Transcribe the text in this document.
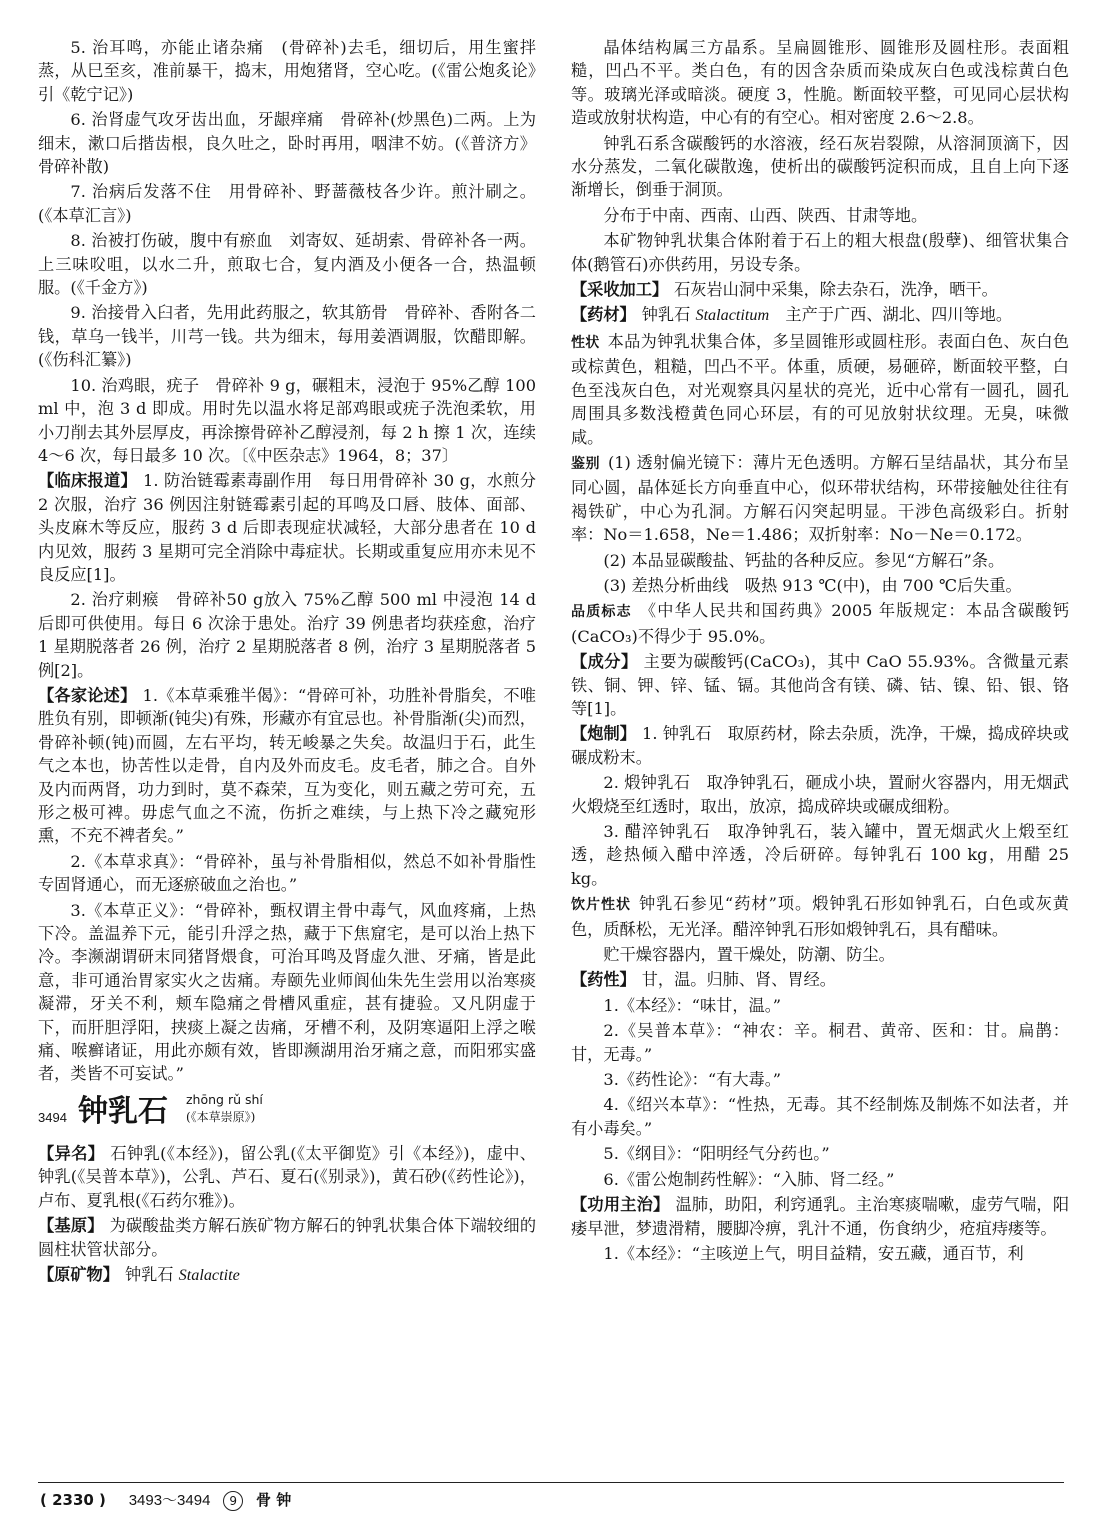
5. 治耳鸣，亦能止诸杂痛　(骨碎补)去毛，细切后，用生蜜拌蒸，从巳至亥，准前暴干，捣末，用炮猪肾，空心吃。(《雷公炮炙论》引《乾宁记》)
6. 治肾虚气攻牙齿出血，牙龈痒痛　骨碎补(炒黑色)二两。上为细末，漱口后揩齿根，良久吐之，卧时再用，咽津不妨。(《普济方》骨碎补散)
7. 治病后发落不住　用骨碎补、野蔷薇枝各少许。煎汁刷之。(《本草汇言》)
8. 治被打伤破，腹中有瘀血　刘寄奴、延胡索、骨碎补各一两。上三味㕮咀，以水二升，煎取七合，复内酒及小便各一合，热温顿服。(《千金方》)
9. 治接骨入臼者，先用此药服之，软其筋骨　骨碎补、香附各二钱，草乌一钱半，川芎一钱。共为细末，每用姜酒调服，饮醋即解。(《伤科汇纂》)
10. 治鸡眼，疣子　骨碎补 9 g，碾粗末，浸泡于 95%乙醇 100 ml 中，泡 3 d 即成。用时先以温水将足部鸡眼或疣子洗泡柔软，用小刀削去其外层厚皮，再涂擦骨碎补乙醇浸剂，每 2 h 擦 1 次，连续 4～6 次，每日最多 10 次。〔《中医杂志》1964，8；37〕
【临床报道】 1. 防治链霉素毒副作用　每日用骨碎补 30 g，水煎分 2 次服，治疗 36 例因注射链霉素引起的耳鸣及口唇、肢体、面部、头皮麻木等反应，服药 3 d 后即表现症状减轻，大部分患者在 10 d 内见效，服药 3 星期可完全消除中毒症状。长期或重复应用亦未见不良反应[1]。
2. 治疗刺瘊　骨碎补50 g放入 75%乙醇 500 ml 中浸泡 14 d 后即可供使用。每日 6 次涂于患处。治疗 39 例患者均获痊愈，治疗 1 星期脱落者 26 例，治疗 2 星期脱落者 8 例，治疗 3 星期脱落者 5 例[2]。
【各家论述】 1.《本草乘雅半偈》：“骨碎可补，功胜补骨脂矣，不唯胜负有别，即顿渐(钝尖)有殊，形藏亦有宜忌也。补骨脂渐(尖)而烈，骨碎补顿(钝)而圆，左右平均，转无峻暴之失矣。故温归于石，此生气之本也，协苦性以走骨，自内及外而皮毛。皮毛者，肺之合。自外及内而两肾，功力到时，莫不森荣，互为变化，则五藏之劳可充，五形之极可裨。毋虑气血之不流，伤折之难续，与上热下冷之藏宛形熏，不充不裨者矣。”
2.《本草求真》：“骨碎补，虽与补骨脂相似，然总不如补骨脂性专固肾通心，而无逐瘀破血之治也。”
3.《本草正义》：“骨碎补，甄权谓主骨中毒气，风血疼痛，上热下冷。盖温养下元，能引升浮之热，藏于下焦窟宅，是可以治上热下冷。李濒湖谓研末同猪肾煨食，可治耳鸣及肾虚久泄、牙痛，皆是此意，非可通治胃家实火之齿痛。寿颐先业师阆仙朱先生尝用以治寒痰凝滞，牙关不利，颊车隐痛之骨槽风重症，甚有捷验。又凡阴虚于下，而肝胆浮阳，挟痰上凝之齿痛，牙槽不利，及阴寒逼阳上浮之喉痛、喉癣诸证，用此亦颇有效，皆即濒湖用治牙痛之意，而阳邪实盛者，类皆不可妄试。”
3494 钟乳石 zhōng rǔ shí
(《本草崇原》)
【异名】 石钟乳(《本经》)，留公乳(《太平御览》引《本经》)，虚中、钟乳(《吴普本草》)，公乳、芦石、夏石(《别录》)，黄石砂(《药性论》)，卢布、夏乳根(《石药尔雅》)。
【基原】 为碳酸盐类方解石族矿物方解石的钟乳状集合体下端较细的圆柱状管状部分。
【原矿物】 钟乳石 Stalactite
晶体结构属三方晶系。呈扁圆锥形、圆锥形及圆柱形。表面粗糙，凹凸不平。类白色，有的因含杂质而染成灰白色或浅棕黄白色等。玻璃光泽或暗淡。硬度 3，性脆。断面较平整，可见同心层状构造或放射状构造，中心有的有空心。相对密度 2.6～2.8。
钟乳石系含碳酸钙的水溶液，经石灰岩裂隙，从溶洞顶滴下，因水分蒸发，二氧化碳散逸，使析出的碳酸钙淀积而成，且自上向下逐渐增长，倒垂于洞顶。
分布于中南、西南、山西、陕西、甘肃等地。
本矿物钟乳状集合体附着于石上的粗大根盘(殷孽)、细管状集合体(鹅管石)亦供药用，另设专条。
【采收加工】 石灰岩山洞中采集，除去杂石，洗净，晒干。
【药材】 钟乳石 Stalactitum　主产于广西、湖北、四川等地。
性状 本品为钟乳状集合体，多呈圆锥形或圆柱形。表面白色、灰白色或棕黄色，粗糙，凹凸不平。体重，质硬，易砸碎，断面较平整，白色至浅灰白色，对光观察具闪星状的亮光，近中心常有一圆孔，圆孔周围具多数浅橙黄色同心环层，有的可见放射状纹理。无臭，味微咸。
鉴别 (1) 透射偏光镜下：薄片无色透明。方解石呈结晶状，其分布呈同心圆，晶体延长方向垂直中心，似环带状结构，环带接触处往往有褐铁矿，中心为孔洞。方解石闪突起明显。干涉色高级彩白。折射率：No＝1.658，Ne＝1.486；双折射率：No－Ne＝0.172。
(2) 本品显碳酸盐、钙盐的各种反应。参见“方解石”条。
(3) 差热分析曲线　吸热 913 ℃(中)，由 700 ℃后失重。
品质标志 《中华人民共和国药典》2005 年版规定：本品含碳酸钙(CaCO₃)不得少于 95.0%。
【成分】 主要为碳酸钙(CaCO₃)，其中 CaO 55.93%。含微量元素铁、铜、钾、锌、锰、镉。其他尚含有镁、磷、钴、镍、铅、银、铬等[1]。
【炮制】 1. 钟乳石　取原药材，除去杂质，洗净，干燥，捣成碎块或碾成粉末。
2. 煅钟乳石　取净钟乳石，砸成小块，置耐火容器内，用无烟武火煅烧至红透时，取出，放凉，捣成碎块或碾成细粉。
3. 醋淬钟乳石　取净钟乳石，装入罐中，置无烟武火上煅至红透，趁热倾入醋中淬透，冷后研碎。每钟乳石 100 kg，用醋 25 kg。
饮片性状 钟乳石参见“药材”项。煅钟乳石形如钟乳石，白色或灰黄色，质酥松，无光泽。醋淬钟乳石形如煅钟乳石，具有醋味。
贮干燥容器内，置干燥处，防潮、防尘。
【药性】 甘，温。归肺、肾、胃经。
1.《本经》：“味甘，温。”
2.《吴普本草》：“神农：辛。桐君、黄帝、医和：甘。扁鹊：甘，无毒。”
3.《药性论》：“有大毒。”
4.《绍兴本草》：“性热，无毒。其不经制炼及制炼不如法者，并有小毒矣。”
5.《纲目》：“阳明经气分药也。”
6.《雷公炮制药性解》：“入肺、肾二经。”
【功用主治】 温肺，助阳，利窍通乳。主治寒痰喘嗽，虚劳气喘，阳痿早泄，梦遗滑精，腰脚冷痹，乳汁不通，伤食纳少，疮疽痔瘘等。
1.《本经》：“主咳逆上气，明目益精，安五藏，通百节，利
( 2330 ) 3493～3494 9 骨 钟
